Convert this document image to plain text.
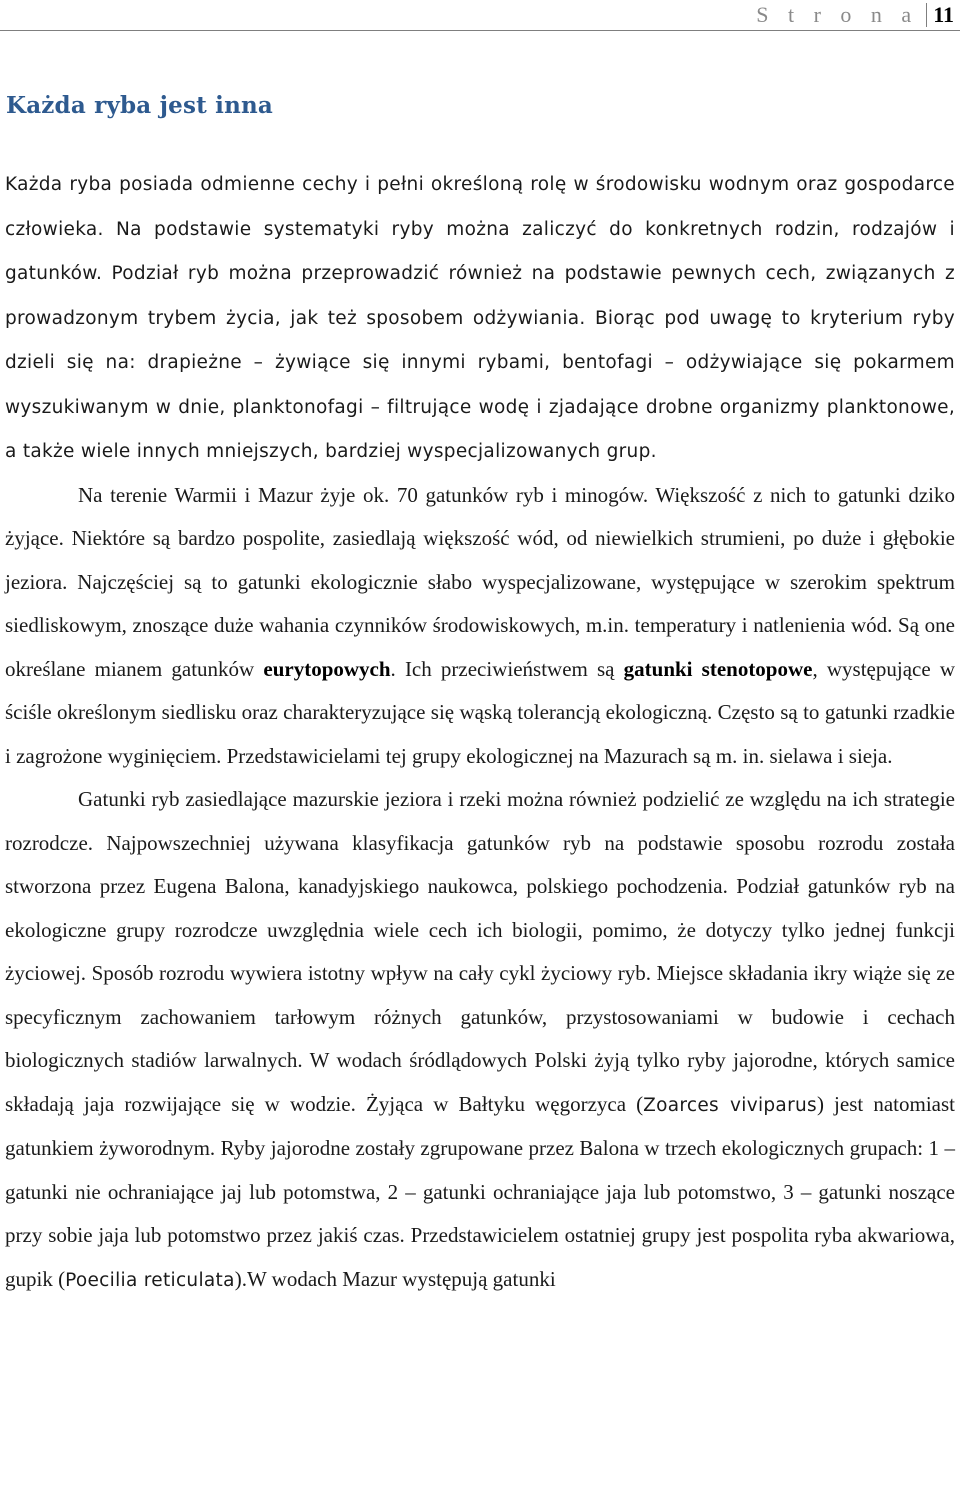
S t r o n a 11
Każda ryba jest inna

Każda ryba posiada odmienne cechy i pełni określoną rolę w środowisku wodnym oraz gospodarce człowieka. Na podstawie systematyki ryby można zaliczyć do konkretnych rodzin, rodzajów i gatunków. Podział ryb można przeprowadzić również na podstawie pewnych cech, związanych z prowadzonym trybem życia, jak też sposobem odżywiania. Biorąc pod uwagę to kryterium ryby dzieli się na: drapieżne – żywiące się innymi rybami, bentofagi – odżywiające się pokarmem wyszukiwanym w dnie, planktonofagi – filtrujące wodę i zjadające drobne organizmy planktonowe, a także wiele innych mniejszych, bardziej wyspecjalizowanych grup.

Na terenie Warmii i Mazur żyje ok. 70 gatunków ryb i minogów. Większość z nich to gatunki dziko żyjące. Niektóre są bardzo pospolite, zasiedlają większość wód, od niewielkich strumieni, po duże i głębokie jeziora. Najczęściej są to gatunki ekologicznie słabo wyspecjalizowane, występujące w szerokim spektrum siedliskowym, znoszące duże wahania czynników środowiskowych, m.in. temperatury i natlenienia wód. Są one określane mianem gatunków eurytopowych. Ich przeciwieństwem są gatunki stenotopowe, występujące w ściśle określonym siedlisku oraz charakteryzujące się wąską tolerancją ekologiczną. Często są to gatunki rzadkie i zagrożone wyginięciem. Przedstawicielami tej grupy ekologicznej na Mazurach są m. in. sielawa i sieja.

Gatunki ryb zasiedlające mazurskie jeziora i rzeki można również podzielić ze względu na ich strategie rozrodcze. Najpowszechniej używana klasyfikacja gatunków ryb na podstawie sposobu rozrodu została stworzona przez Eugena Balona, kanadyjskiego naukowca, polskiego pochodzenia. Podział gatunków ryb na ekologiczne grupy rozrodcze uwzględnia wiele cech ich biologii, pomimo, że dotyczy tylko jednej funkcji życiowej. Sposób rozrodu wywiera istotny wpływ na cały cykl życiowy ryb. Miejsce składania ikry wiąże się ze specyficznym zachowaniem tarłowym różnych gatunków, przystosowaniami w budowie i cechach biologicznych stadiów larwalnych. W wodach śródlądowych Polski żyją tylko ryby jajorodne, których samice składają jaja rozwijające się w wodzie. Żyjąca w Bałtyku węgorzyca (Zoarces viviparus) jest natomiast gatunkiem żyworodnym. Ryby jajorodne zostały zgrupowane przez Balona w trzech ekologicznych grupach: 1 – gatunki nie ochraniające jaj lub potomstwa, 2 – gatunki ochraniające jaja lub potomstwo, 3 – gatunki noszące przy sobie jaja lub potomstwo przez jakiś czas. Przedstawicielem ostatniej grupy jest pospolita ryba akwariowa, gupik (Poecilia reticulata).W wodach Mazur występują gatunki
